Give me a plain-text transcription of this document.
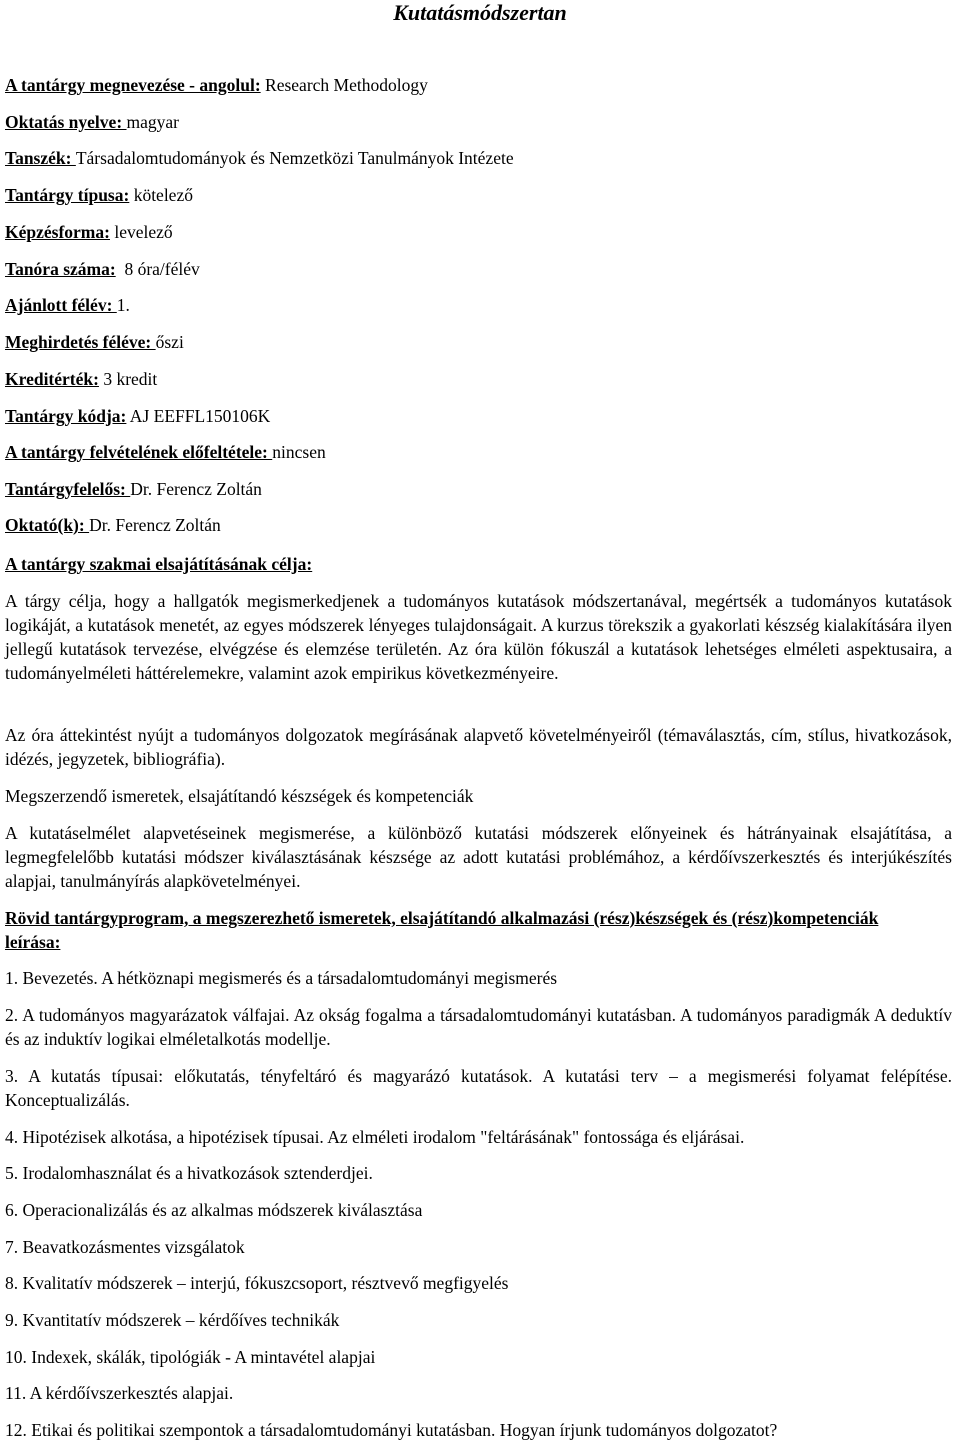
Kutatásmódszertan
A tantárgy megnevezése - angolul: Research Methodology
Oktatás nyelve: magyar
Tanszék: Társadalomtudományok és Nemzetközi Tanulmányok Intézete
Tantárgy típusa: kötelező
Képzésforma: levelező
Tanóra száma:  8 óra/félév
Ajánlott félév: 1.
Meghirdetés féléve: őszi
Kreditérték: 3 kredit
Tantárgy kódja: AJ EEFFL150106K
A tantárgy felvételének előfeltétele: nincsen
Tantárgyfelelős: Dr. Ferencz Zoltán
Oktató(k): Dr. Ferencz Zoltán
A tantárgy szakmai elsajátításának célja:
A tárgy célja, hogy a hallgatók megismerkedjenek a tudományos kutatások módszertanával, megértsék a tudományos kutatások logikáját, a kutatások menetét, az egyes módszerek lényeges tulajdonságait. A kurzus törekszik a gyakorlati készség kialakítására ilyen jellegű kutatások tervezése, elvégzése és elemzése területén. Az óra külön fókuszál a kutatások lehetséges elméleti aspektusaira, a tudományelméleti háttérelemekre, valamint azok empirikus következményeire.
Az óra áttekintést nyújt a tudományos dolgozatok megírásának alapvető követelményeiről (témaválasztás, cím, stílus, hivatkozások, idézés, jegyzetek, bibliográfia).
Megszerzendő ismeretek, elsajátítandó készségek és kompetenciák
A kutatáselmélet alapvetéseinek megismerése, a különböző kutatási módszerek előnyeinek és hátrányainak elsajátítása, a legmegfelelőbb kutatási módszer kiválasztásának készsége az adott kutatási problémához, a kérdőívszerkesztés és interjúkészítés alapjai, tanulmányírás alapkövetelményei.
Rövid tantárgyprogram, a megszerezhető ismeretek, elsajátítandó alkalmazási (rész)készségek és (rész)kompetenciák leírása:
1. Bevezetés. A hétköznapi megismerés és a társadalomtudományi megismerés
2. A tudományos magyarázatok válfajai. Az okság fogalma a társadalomtudományi kutatásban. A tudományos paradigmák A deduktív és az induktív logikai elméletalkotás modellje.
3. A kutatás típusai: előkutatás, tényfeltáró és magyarázó kutatások. A kutatási terv – a megismerési folyamat felépítése. Konceptualizálás.
4. Hipotézisek alkotása, a hipotézisek típusai. Az elméleti irodalom "feltárásának" fontossága és eljárásai.
5. Irodalomhasználat és a hivatkozások sztenderdjei.
6. Operacionalizálás és az alkalmas módszerek kiválasztása
7. Beavatkozásmentes vizsgálatok
8. Kvalitatív módszerek – interjú, fókuszcsoport, résztvevő megfigyelés
9. Kvantitatív módszerek – kérdőíves technikák
10. Indexek, skálák, tipológiák - A mintavétel alapjai
11. A kérdőívszerkesztés alapjai.
12. Etikai és politikai szempontok a társadalomtudományi kutatásban. Hogyan írjunk tudományos dolgozatot?
